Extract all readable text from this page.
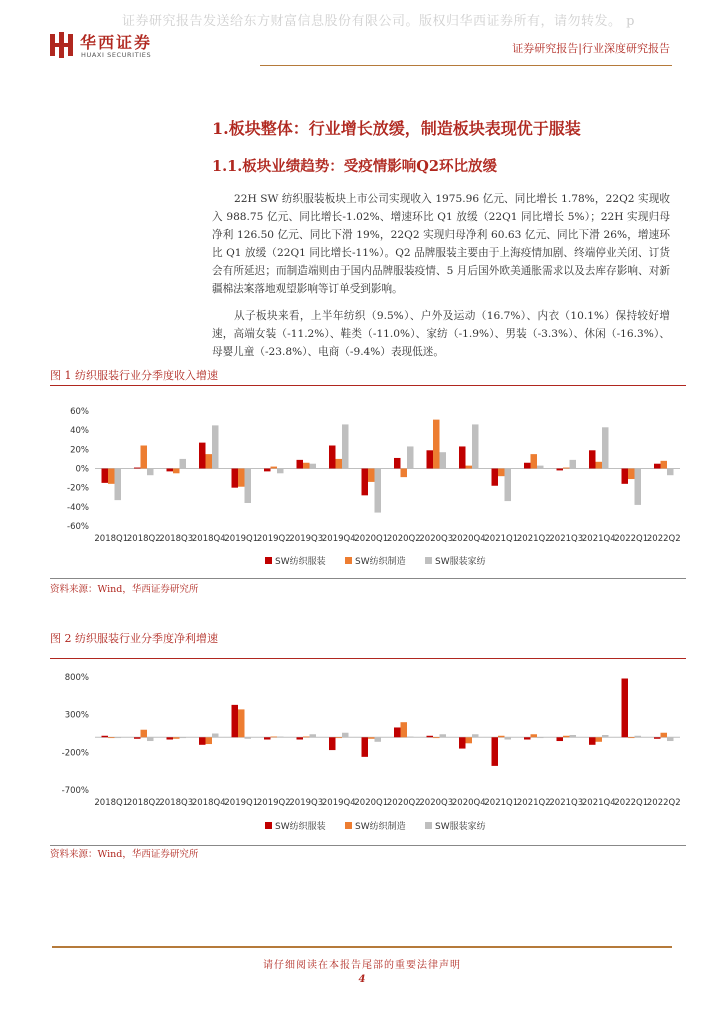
证券研究报告发送给东方财富信息股份有限公司。版权归华西证券所有，请勿转发。 p
华西证券
HUAXI SECURITIES	证券研究报告|行业深度研究报告
1.板块整体：行业增长放缓，制造板块表现优于服装
1.1.板块业绩趋势：受疫情影响Q2环比放缓

22H SW 纺织服装板块上市公司实现收入 1975.96 亿元、同比增长 1.78%，22Q2 实现收入 988.75 亿元、同比增长-1.02%、增速环比 Q1 放缓（22Q1 同比增长 5%）；22H 实现归母净利 126.50 亿元、同比下滑 19%，22Q2 实现归母净利 60.63 亿元、同比下滑 26%，增速环比 Q1 放缓（22Q1 同比增长-11%）。Q2 品牌服装主要由于上海疫情加剧、终端停业关闭、订货会有所延迟；而制造端则由于国内品牌服装疫情、5 月后国外欧美通胀需求以及去库存影响、对新疆棉法案落地观望影响等订单受到影响。

从子板块来看，上半年纺织（9.5%）、户外及运动（16.7%）、内衣（10.1%）保持较好增速，高端女装（-11.2%）、鞋类（-11.0%）、家纺（-1.9%）、男装（-3.3%）、休闲（-16.3%）、母婴儿童（-23.8%）、电商（-9.4%）表现低迷。

图 1 纺织服装行业分季度收入增速
60%
40%
20%
0%
-20%
-40%
-60%
2018Q1
2018Q2
2018Q3
2018Q4
2019Q1
2019Q2
2019Q3
2019Q4
2020Q1
2020Q2
2020Q3
2020Q4
2021Q1
2021Q2
2021Q3
2021Q4
2022Q1
2022Q2
SW纺织服装	SW纺织制造	SW服装家纺
资料来源：Wind，华西证券研究所
图 2 纺织服装行业分季度净利增速
800%
300%
-200%
-700%
2018Q1
2018Q2
2018Q3
2018Q4
2019Q1
2019Q2
2019Q3
2019Q4
2020Q1
2020Q2
2020Q3
2020Q4
2021Q1
2021Q2
2021Q3
2021Q4
2022Q1
2022Q2
SW纺织服装	SW纺织制造	SW服装家纺
资料来源：Wind，华西证券研究所
请仔细阅读在本报告尾部的重要法律声明
4
